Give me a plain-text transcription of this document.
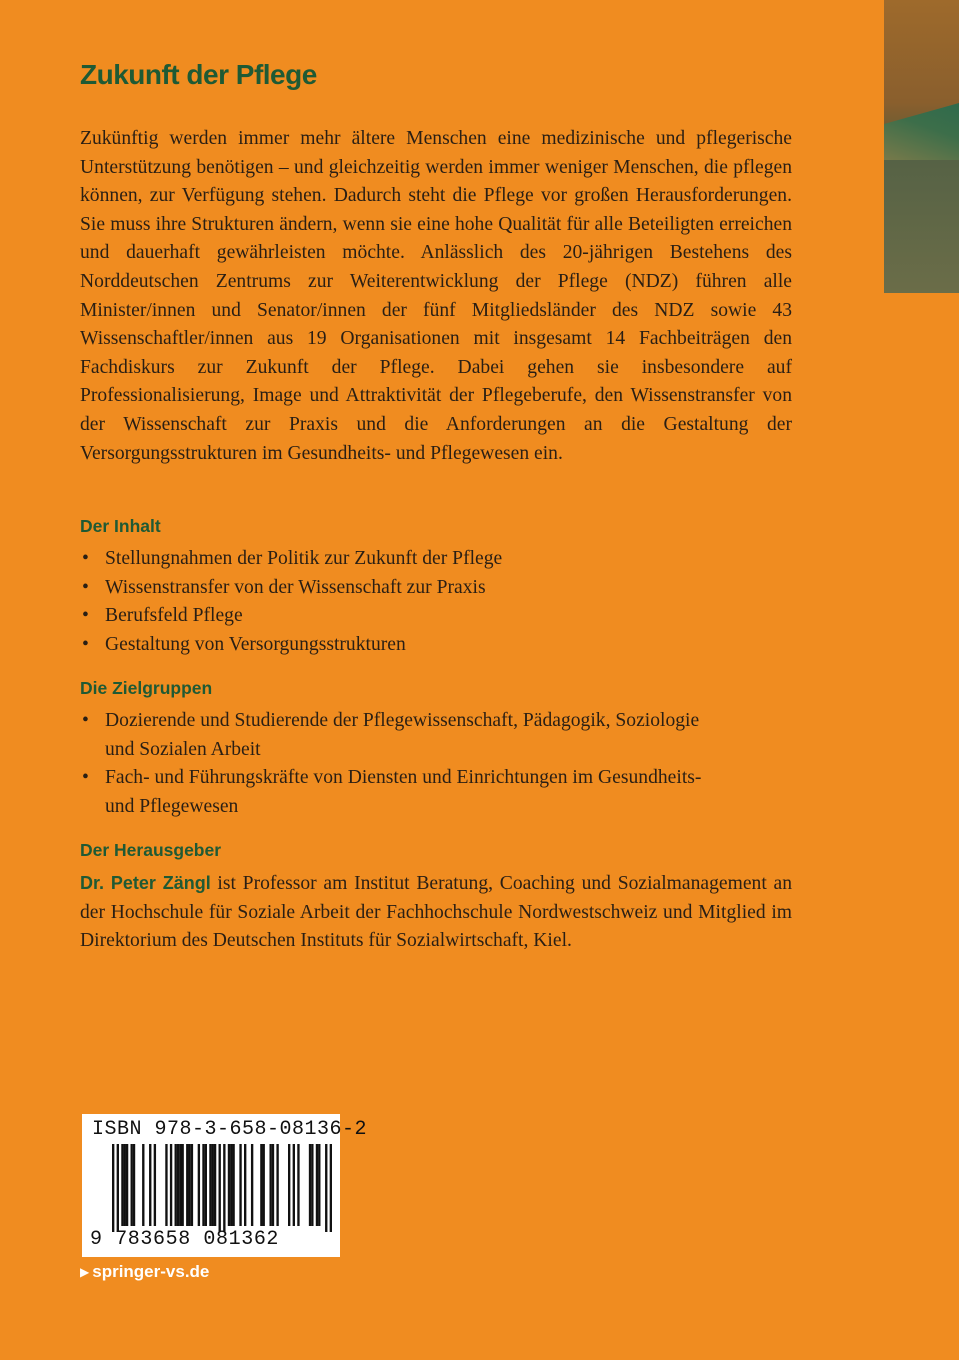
Zukunft der Pflege

Zukünftig werden immer mehr ältere Menschen eine medizinische und pflegerische Unterstützung benötigen – und gleichzeitig werden immer weniger Menschen, die pflegen können, zur Verfügung stehen. Dadurch steht die Pflege vor großen Herausforderungen. Sie muss ihre Strukturen ändern, wenn sie eine hohe Qualität für alle Beteiligten erreichen und dauerhaft gewährleisten möchte. Anlässlich des 20-jährigen Bestehens des Norddeutschen Zentrums zur Weiterentwicklung der Pflege (NDZ) führen alle Minister/innen und Senator/innen der fünf Mitgliedsländer des NDZ sowie 43 Wissenschaftler/innen aus 19 Organisationen mit insgesamt 14 Fachbeiträgen den Fachdiskurs zur Zukunft der Pflege. Dabei gehen sie insbesondere auf Professionalisierung, Image und Attraktivität der Pflegeberufe, den Wissenstransfer von der Wissenschaft zur Praxis und die Anforderungen an die Gestaltung der Versorgungsstrukturen im Gesundheits- und Pflegewesen ein.

Der Inhalt
• Stellungnahmen der Politik zur Zukunft der Pflege
• Wissenstransfer von der Wissenschaft zur Praxis
• Berufsfeld Pflege
• Gestaltung von Versorgungsstrukturen
Die Zielgruppen
• Dozierende und Studierende der Pflegewissenschaft, Pädagogik, Soziologie und Sozialen Arbeit
• Fach- und Führungskräfte von Diensten und Einrichtungen im Gesundheits- und Pflegewesen
Der Herausgeber

Dr. Peter Zängl ist Professor am Institut Beratung, Coaching und Sozialmanagement an der Hochschule für Soziale Arbeit der Fachhochschule Nordwestschweiz und Mitglied im Direktorium des Deutschen Instituts für Sozialwirtschaft, Kiel.

ISBN 978-3-658-08136-2
9 783658 081362
▶ springer-vs.de
